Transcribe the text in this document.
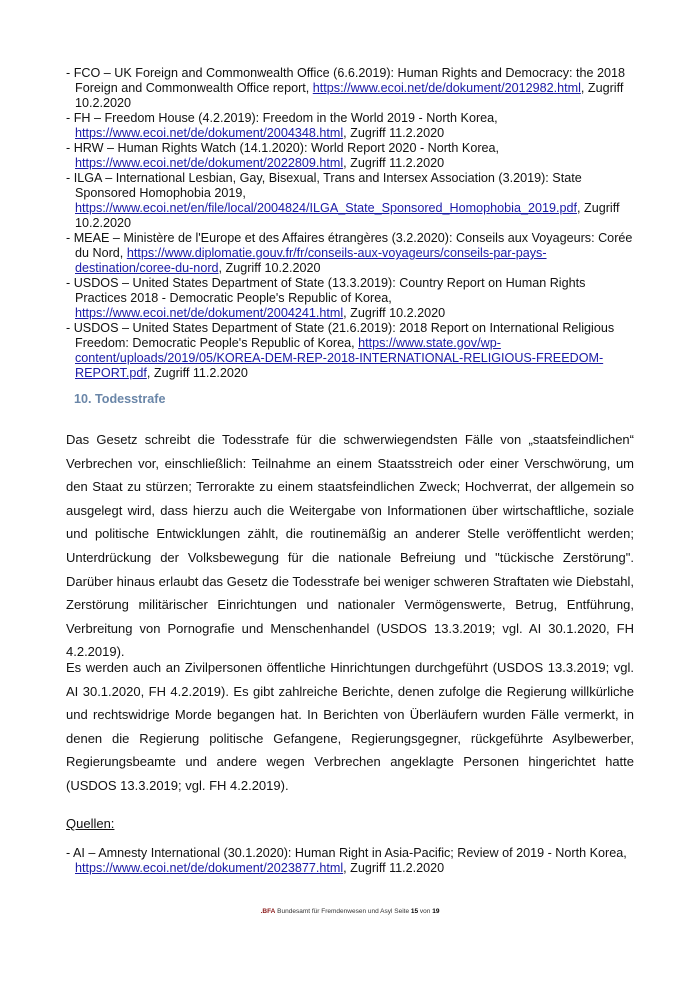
- FCO – UK Foreign and Commonwealth Office (6.6.2019): Human Rights and Democracy: the 2018 Foreign and Commonwealth Office report, https://www.ecoi.net/de/dokument/2012982.html, Zugriff 10.2.2020
- FH – Freedom House (4.2.2019): Freedom in the World 2019 - North Korea, https://www.ecoi.net/de/dokument/2004348.html, Zugriff 11.2.2020
- HRW – Human Rights Watch (14.1.2020): World Report 2020 - North Korea, https://www.ecoi.net/de/dokument/2022809.html, Zugriff 11.2.2020
- ILGA – International Lesbian, Gay, Bisexual, Trans and Intersex Association (3.2019): State Sponsored Homophobia 2019, https://www.ecoi.net/en/file/local/2004824/ILGA_State_Sponsored_Homophobia_2019.pdf, Zugriff 10.2.2020
- MEAE – Ministère de l'Europe et des Affaires étrangères (3.2.2020): Conseils aux Voyageurs: Corée du Nord, https://www.diplomatie.gouv.fr/fr/conseils-aux-voyageurs/conseils-par-pays-destination/coree-du-nord, Zugriff 10.2.2020
- USDOS – United States Department of State (13.3.2019): Country Report on Human Rights Practices 2018 - Democratic People's Republic of Korea, https://www.ecoi.net/de/dokument/2004241.html, Zugriff 10.2.2020
- USDOS – United States Department of State (21.6.2019): 2018 Report on International Religious Freedom: Democratic People's Republic of Korea, https://www.state.gov/wp-content/uploads/2019/05/KOREA-DEM-REP-2018-INTERNATIONAL-RELIGIOUS-FREEDOM-REPORT.pdf, Zugriff 11.2.2020
10. Todesstrafe
Das Gesetz schreibt die Todesstrafe für die schwerwiegendsten Fälle von „staatsfeindlichen“ Verbrechen vor, einschließlich: Teilnahme an einem Staatsstreich oder einer Verschwörung, um den Staat zu stürzen; Terrorakte zu einem staatsfeindlichen Zweck; Hochverrat, der allgemein so ausgelegt wird, dass hierzu auch die Weitergabe von Informationen über wirtschaftliche, soziale und politische Entwicklungen zählt, die routinemäßig an anderer Stelle veröffentlicht werden; Unterdrückung der Volksbewegung für die nationale Befreiung und "tückische Zerstörung". Darüber hinaus erlaubt das Gesetz die Todesstrafe bei weniger schweren Straftaten wie Diebstahl, Zerstörung militärischer Einrichtungen und nationaler Vermögenswerte, Betrug, Entführung, Verbreitung von Pornografie und Menschenhandel (USDOS 13.3.2019; vgl. AI 30.1.2020, FH 4.2.2019).
Es werden auch an Zivilpersonen öffentliche Hinrichtungen durchgeführt (USDOS 13.3.2019; vgl. AI 30.1.2020, FH 4.2.2019). Es gibt zahlreiche Berichte, denen zufolge die Regierung willkürliche und rechtswidrige Morde begangen hat. In Berichten von Überläufern wurden Fälle vermerkt, in denen die Regierung politische Gefangene, Regierungsgegner, rückgeführte Asylbewerber, Regierungsbeamte und andere wegen Verbrechen angeklagte Personen hingerichtet hatte (USDOS 13.3.2019; vgl. FH 4.2.2019).
Quellen:
- AI – Amnesty International (30.1.2020): Human Right in Asia-Pacific; Review of 2019 - North Korea, https://www.ecoi.net/de/dokument/2023877.html, Zugriff 11.2.2020
.BFA Bundesamt für Fremdenwesen und Asyl Seite 15 von 19
